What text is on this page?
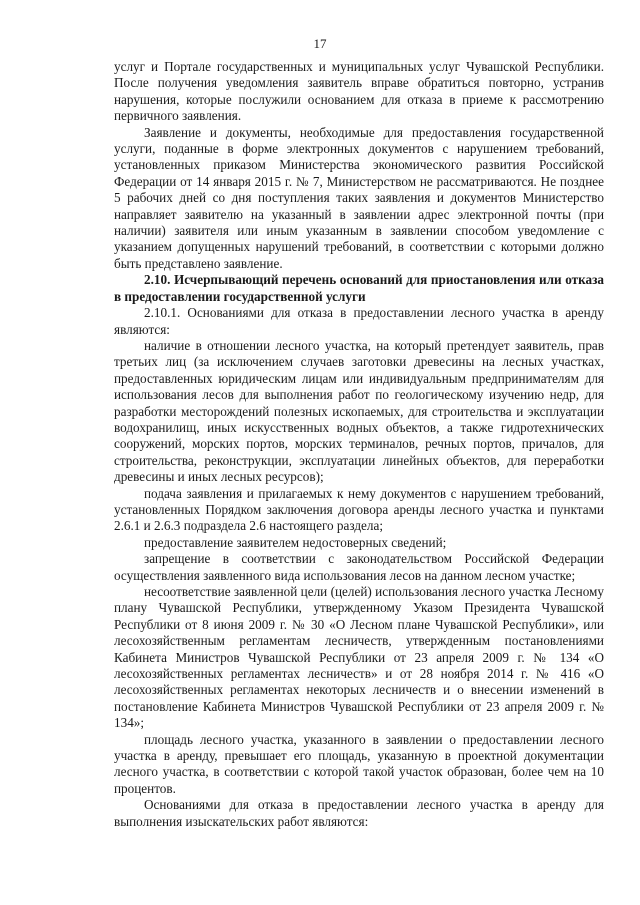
17

услуг и Портале государственных и муниципальных услуг Чувашской Республики. После получения уведомления заявитель вправе обратиться повторно, устранив нарушения, которые послужили основанием для отказа в приеме к рассмотрению первичного заявления.

Заявление и документы, необходимые для предоставления государственной услуги, поданные в форме электронных документов с нарушением требований, установленных приказом Министерства экономического развития Российской Федерации от 14 января 2015 г. № 7, Министерством не рассматриваются. Не позднее 5 рабочих дней со дня поступления таких заявления и документов Министерство направляет заявителю на указанный в заявлении адрес электронной почты (при наличии) заявителя или иным указанным в заявлении способом уведомление с указанием допущенных нарушений требований, в соответствии с которыми должно быть представлено заявление.

2.10. Исчерпывающий перечень оснований для приостановления или отказа в предоставлении государственной услуги

2.10.1. Основаниями для отказа в предоставлении лесного участка в аренду являются:

наличие в отношении лесного участка, на который претендует заявитель, прав третьих лиц (за исключением случаев заготовки древесины на лесных участках, предоставленных юридическим лицам или индивидуальным предпринимателям для использования лесов для выполнения работ по геологическому изучению недр, для разработки месторождений полезных ископаемых, для строительства и эксплуатации водохранилищ, иных искусственных водных объектов, а также гидротехнических сооружений, морских портов, морских терминалов, речных портов, причалов, для строительства, реконструкции, эксплуатации линейных объектов, для переработки древесины и иных лесных ресурсов);

подача заявления и прилагаемых к нему документов с нарушением требований, установленных Порядком заключения договора аренды лесного участка и пунктами 2.6.1 и 2.6.3 подраздела 2.6 настоящего раздела;

предоставление заявителем недостоверных сведений;

запрещение в соответствии с законодательством Российской Федерации осуществления заявленного вида использования лесов на данном лесном участке;

несоответствие заявленной цели (целей) использования лесного участка Лесному плану Чувашской Республики, утвержденному Указом Президента Чувашской Республики от 8 июня 2009 г. № 30 «О Лесном плане Чувашской Республики», или лесохозяйственным регламентам лесничеств, утвержденным постановлениями Кабинета Министров Чувашской Республики от 23 апреля 2009 г. № 134 «О лесохозяйственных регламентах лесничеств» и от 28 ноября 2014 г. № 416 «О лесохозяйственных регламентах некоторых лесничеств и о внесении изменений в постановление Кабинета Министров Чувашской Республики от 23 апреля 2009 г. № 134»;

площадь лесного участка, указанного в заявлении о предоставлении лесного участка в аренду, превышает его площадь, указанную в проектной документации лесного участка, в соответствии с которой такой участок образован, более чем на 10 процентов.

Основаниями для отказа в предоставлении лесного участка в аренду для выполнения изыскательских работ являются:
